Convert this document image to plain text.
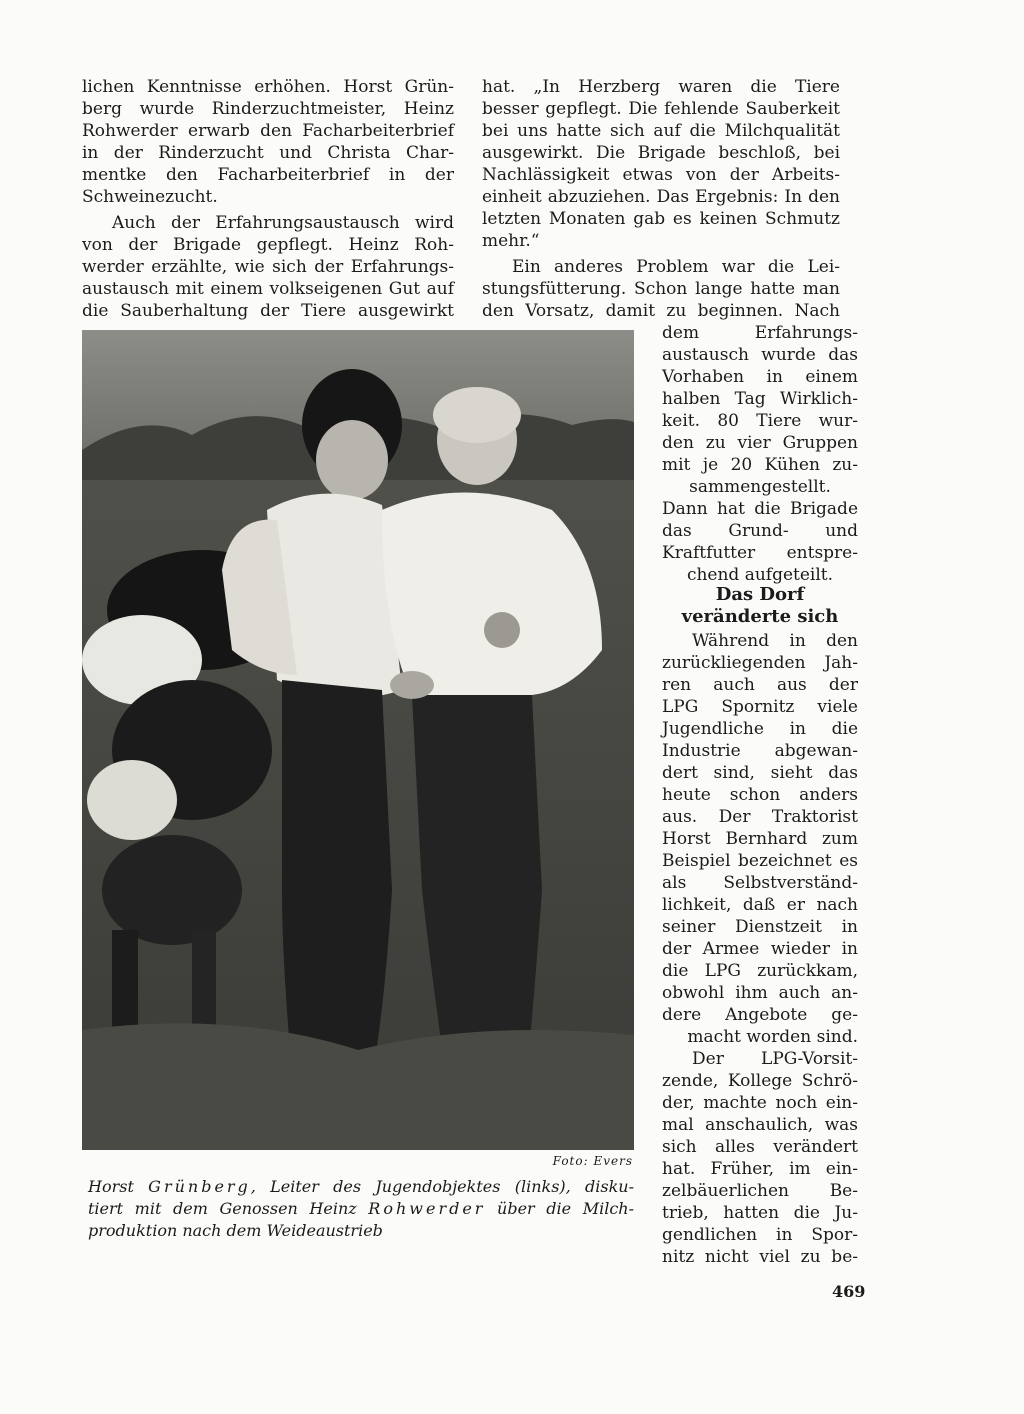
lichen Kenntnisse erhöhen. Horst Grün-
berg wurde Rinderzuchtmeister, Heinz
Rohwerder erwarb den Facharbeiterbrief
in der Rinderzucht und Christa Char-
mentke den Facharbeiterbrief in der
Schweinezucht.
Auch der Erfahrungsaustausch wird
von der Brigade gepflegt. Heinz Roh-
werder erzählte, wie sich der Erfahrungs-
austausch mit einem volkseigenen Gut auf
die Sauberhaltung der Tiere ausgewirkt
hat. „In Herzberg waren die Tiere
besser gepflegt. Die fehlende Sauberkeit
bei uns hatte sich auf die Milchqualität
ausgewirkt. Die Brigade beschloß, bei
Nachlässigkeit etwas von der Arbeits-
einheit abzuziehen. Das Ergebnis: In den
letzten Monaten gab es keinen Schmutz
mehr.“
Ein anderes Problem war die Lei-
stungsfütterung. Schon lange hatte man
den Vorsatz, damit zu beginnen. Nach
dem Erfahrungs-
austausch wurde das
Vorhaben in einem
halben Tag Wirklich-
keit. 80 Tiere wur-
den zu vier Gruppen
mit je 20 Kühen zu-
sammengestellt.
Dann hat die Brigade
das Grund- und
Kraftfutter entspre-
chend aufgeteilt.
Das Dorf
veränderte sich
Während in den
zurückliegenden Jah-
ren auch aus der
LPG Spornitz viele
Jugendliche in die
Industrie abgewan-
dert sind, sieht das
heute schon anders
aus. Der Traktorist
Horst Bernhard zum
Beispiel bezeichnet es
als Selbstverständ-
lichkeit, daß er nach
seiner Dienstzeit in
der Armee wieder in
die LPG zurückkam,
obwohl ihm auch an-
dere Angebote ge-
macht worden sind.
Der LPG-Vorsit-
zende, Kollege Schrö-
der, machte noch ein-
mal anschaulich, was
sich alles verändert
hat. Früher, im ein-
zelbäuerlichen Be-
trieb, hatten die Ju-
gendlichen in Spor-
nitz nicht viel zu be-
Foto: Evers
Horst Grünberg, Leiter des Jugendobjektes (links), disku-
tiert mit dem Genossen Heinz Rohwerder über die Milch-
produktion nach dem Weideaustrieb
469
